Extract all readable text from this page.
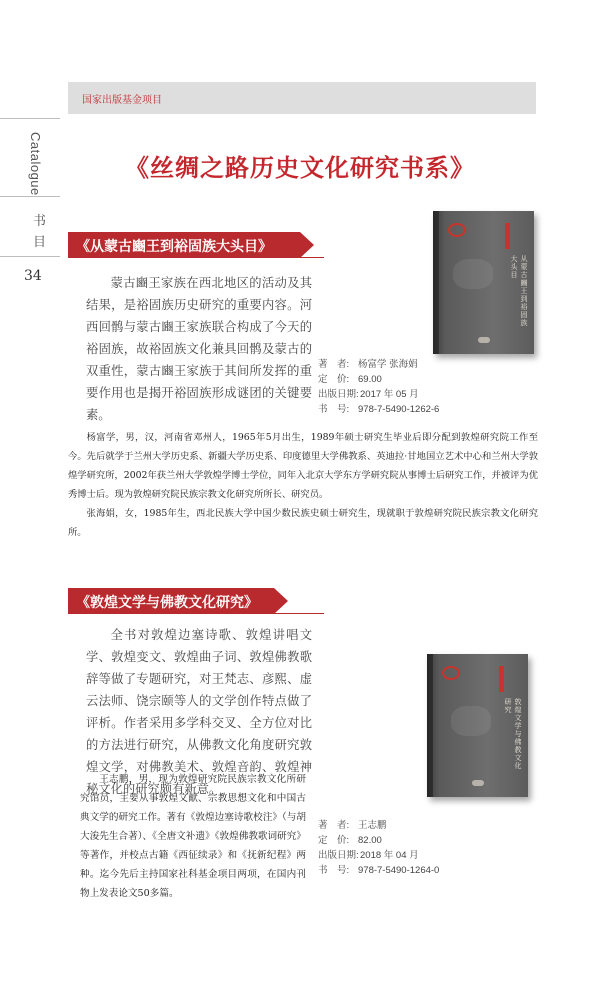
Catalogue
书
目
34
国家出版基金项目
《丝绸之路历史文化研究书系》
《从蒙古豳王到裕固族大头目》
蒙古豳王家族在西北地区的活动及其结果，是裕固族历史研究的重要内容。河西回鹘与蒙古豳王家族联合构成了今天的裕固族，故裕固族文化兼具回鹘及蒙古的双重性，蒙古豳王家族于其间所发挥的重要作用也是揭开裕固族形成谜团的关键要素。
从蒙古豳王到裕固族大头目
著　者: 杨富学 张海娟
定　价: 69.00
出版日期:2017 年 05 月
书　号: 978-7-5490-1262-6
杨富学，男，汉，河南省邓州人，1965年5月出生，1989年硕士研究生毕业后即分配到敦煌研究院工作至今。先后就学于兰州大学历史系、新疆大学历史系、印度德里大学佛教系、英迪拉·甘地国立艺术中心和兰州大学敦煌学研究所，2002年获兰州大学敦煌学博士学位，同年入北京大学东方学研究院从事博士后研究工作，并被评为优秀博士后。现为敦煌研究院民族宗教文化研究所所长、研究员。
张海娟，女，1985年生，西北民族大学中国少数民族史硕士研究生，现就职于敦煌研究院民族宗教文化研究所。
《敦煌文学与佛教文化研究》
全书对敦煌边塞诗歌、敦煌讲唱文学、敦煌变文、敦煌曲子词、敦煌佛教歌辞等做了专题研究，对王梵志、彦熙、虚云法师、饶宗颐等人的文学创作特点做了评析。作者采用多学科交叉、全方位对比的方法进行研究，从佛教文化角度研究敦煌文学，对佛教美术、敦煌音韵、敦煌神秘文化的研究颇有新意。
敦煌文学与佛教文化研究
王志鹏，男，现为敦煌研究院民族宗教文化所研究馆员，主要从事敦煌文献、宗教思想文化和中国古典文学的研究工作。著有《敦煌边塞诗歌校注》（与胡大浚先生合著）、《全唐文补遗》《敦煌佛教歌词研究》等著作，并校点古籍《西征续录》和《抚新纪程》两种。迄今先后主持国家社科基金项目两项，在国内刊物上发表论文50多篇。
著　者: 王志鹏
定　价: 82.00
出版日期:2018 年 04 月
书　号: 978-7-5490-1264-0
